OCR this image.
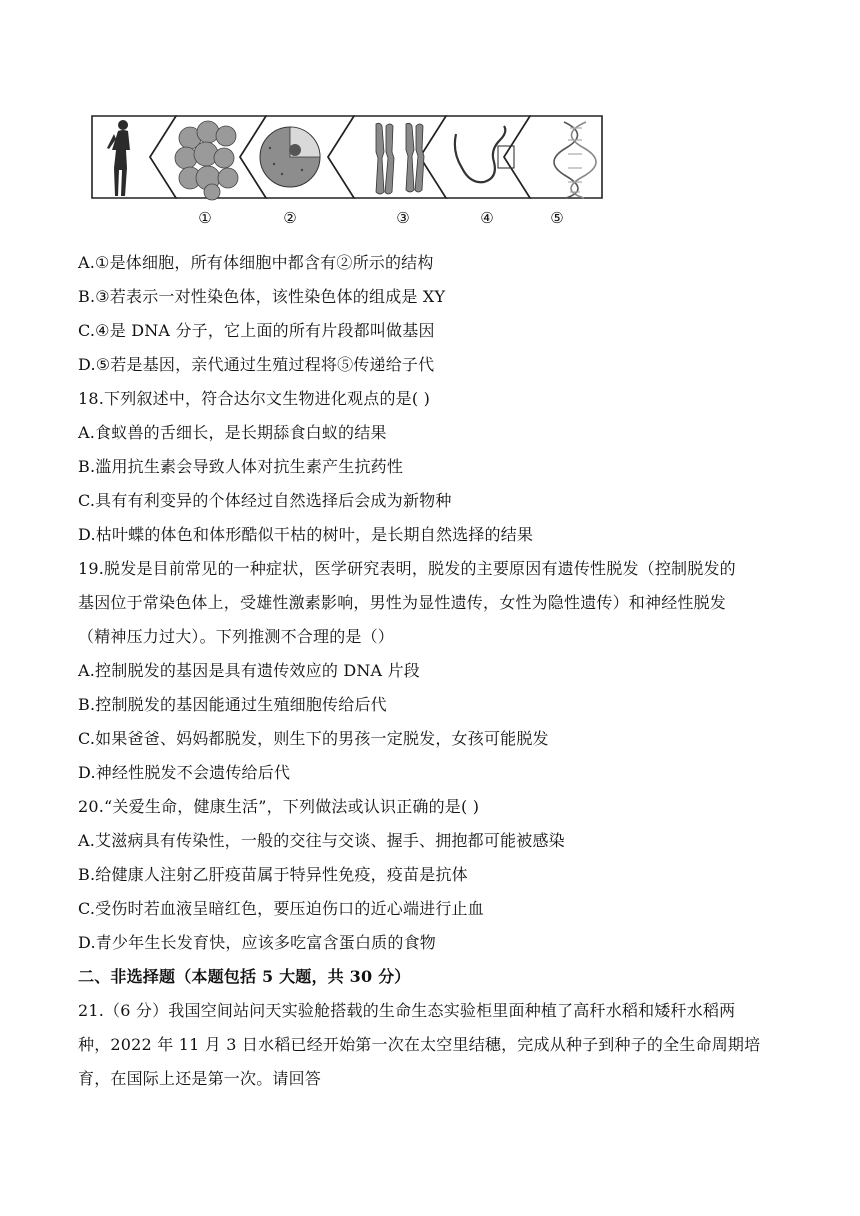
①	②	③	④	⑤
A.①是体细胞，所有体细胞中都含有②所示的结构
B.③若表示一对性染色体，该性染色体的组成是 XY
C.④是 DNA 分子，它上面的所有片段都叫做基因
D.⑤若是基因，亲代通过生殖过程将⑤传递给子代
18.下列叙述中，符合达尔文生物进化观点的是( )
A.食蚁兽的舌细长，是长期舔食白蚁的结果
B.滥用抗生素会导致人体对抗生素产生抗药性
C.具有有利变异的个体经过自然选择后会成为新物种
D.枯叶蝶的体色和体形酷似干枯的树叶，是长期自然选择的结果
19.脱发是目前常见的一种症状，医学研究表明，脱发的主要原因有遗传性脱发（控制脱发的
基因位于常染色体上，受雄性激素影响，男性为显性遗传，女性为隐性遗传）和神经性脱发
（精神压力过大）。下列推测不合理的是（）
A.控制脱发的基因是具有遗传效应的 DNA 片段
B.控制脱发的基因能通过生殖细胞传给后代
C.如果爸爸、妈妈都脱发，则生下的男孩一定脱发，女孩可能脱发
D.神经性脱发不会遗传给后代
20.“关爱生命，健康生活”，下列做法或认识正确的是( )
A.艾滋病具有传染性，一般的交往与交谈、握手、拥抱都可能被感染
B.给健康人注射乙肝疫苗属于特异性免疫，疫苗是抗体
C.受伤时若血液呈暗红色，要压迫伤口的近心端进行止血
D.青少年生长发育快，应该多吃富含蛋白质的食物
二、非选择题（本题包括 5 大题，共 30 分）
21.（6 分）我国空间站问天实验舱搭载的生命生态实验柜里面种植了高秆水稻和矮秆水稻两
种，2022 年 11 月 3 日水稻已经开始第一次在太空里结穗，完成从种子到种子的全生命周期培
育，在国际上还是第一次。请回答
